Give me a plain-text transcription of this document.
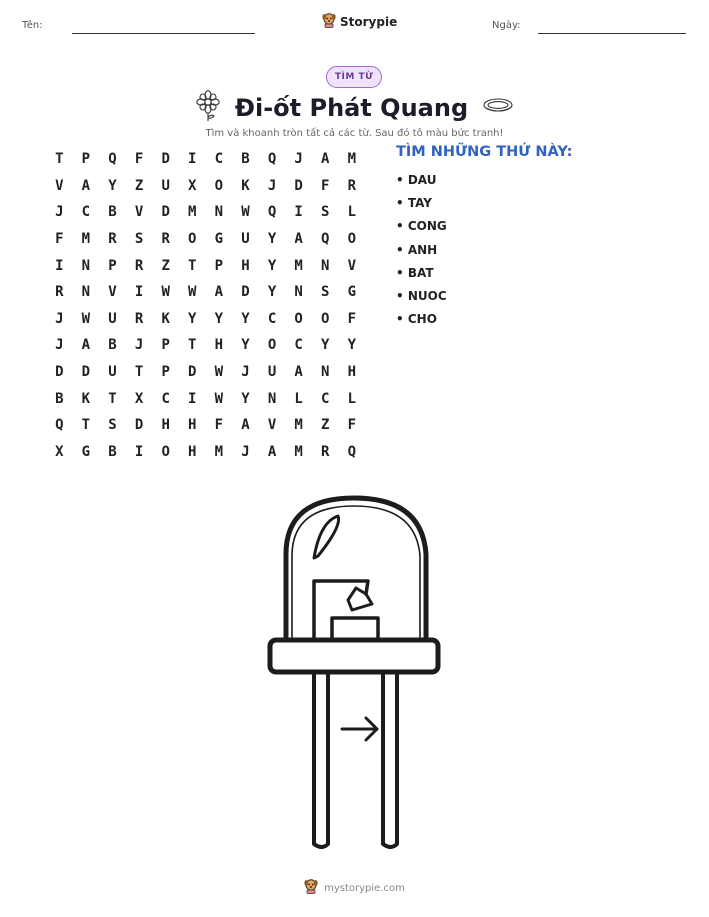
Tên:	Storypie	Ngày:
TÌM TỪ
Đi-ốt Phát Quang
Tìm và khoanh tròn tất cả các từ. Sau đó tô màu bức tranh!
T	P	Q	F	D	I	C	B	Q	J	A	M
V	A	Y	Z	U	X	O	K	J	D	F	R
J	C	B	V	D	M	N	W	Q	I	S	L
F	M	R	S	R	O	G	U	Y	A	Q	O
I	N	P	R	Z	T	P	H	Y	M	N	V
R	N	V	I	W	W	A	D	Y	N	S	G
J	W	U	R	K	Y	Y	Y	C	O	O	F
J	A	B	J	P	T	H	Y	O	C	Y	Y
D	D	U	T	P	D	W	J	U	A	N	H
B	K	T	X	C	I	W	Y	N	L	C	L
Q	T	S	D	H	H	F	A	V	M	Z	F
X	G	B	I	O	H	M	J	A	M	R	Q
TÌM NHỮNG THỨ NÀY:
• DAU
• TAY
• CONG
• ANH
• BAT
• NUOC
• CHO
mystorypie.com
